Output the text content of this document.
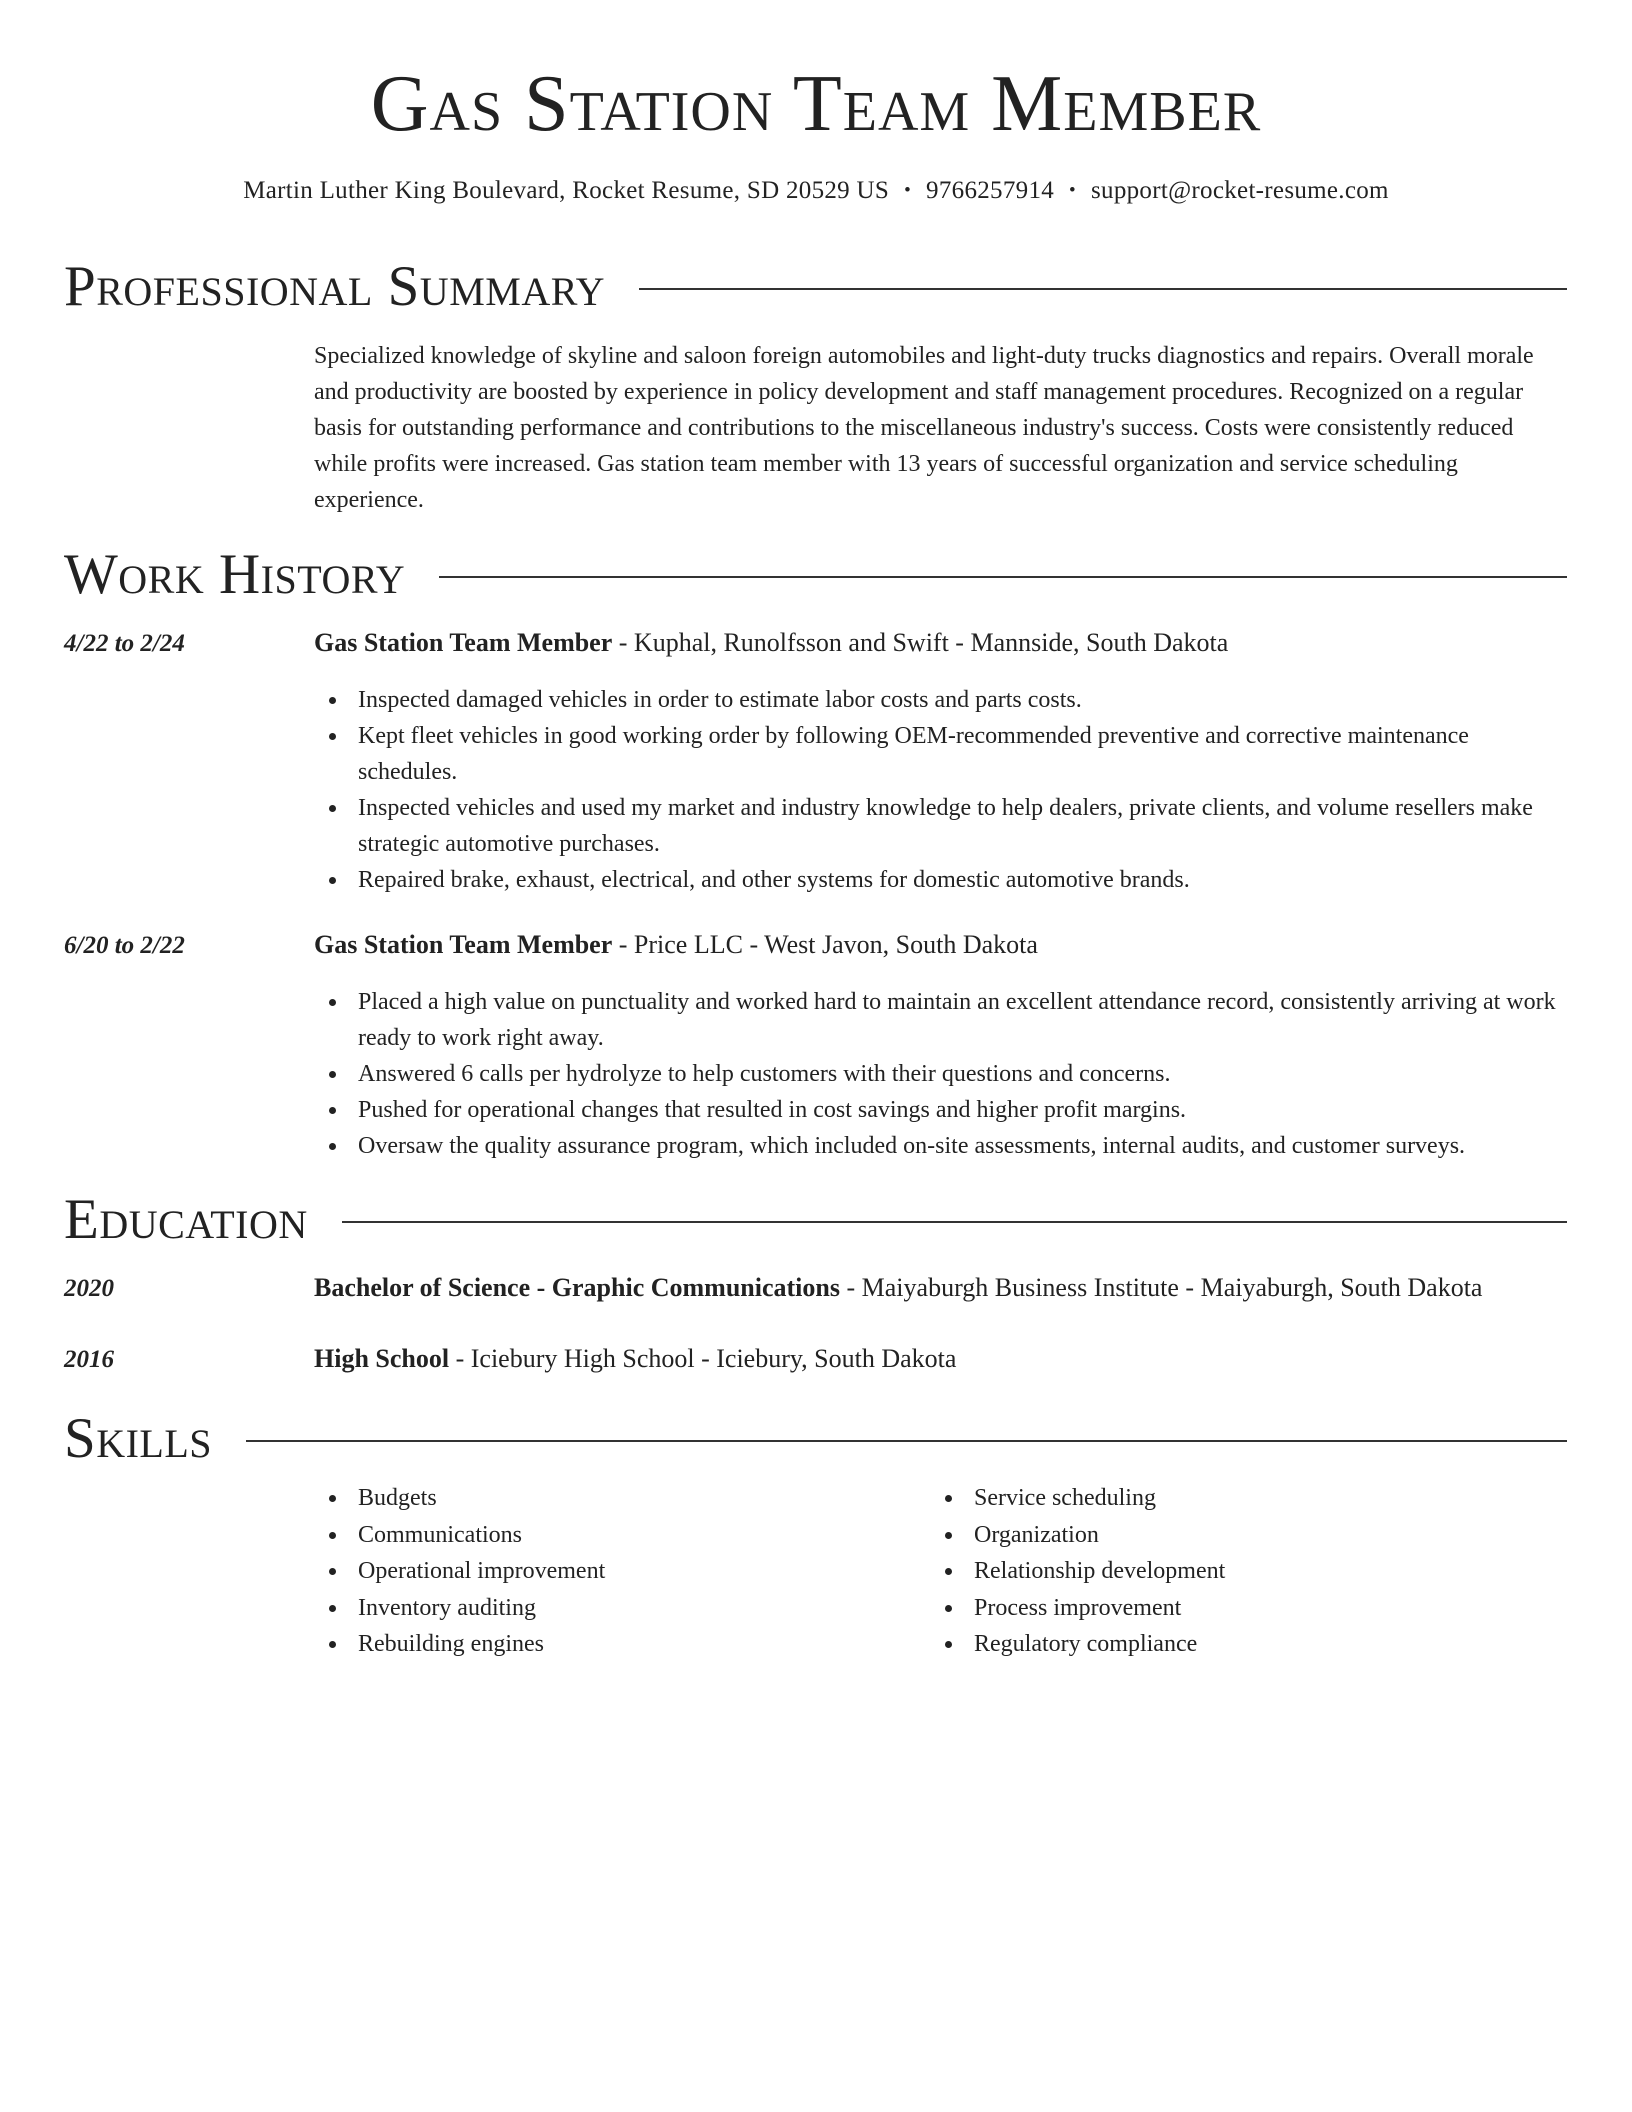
Gas Station Team Member
Martin Luther King Boulevard, Rocket Resume, SD 20529 US • 9766257914 • support@rocket-resume.com
Professional Summary
Specialized knowledge of skyline and saloon foreign automobiles and light-duty trucks diagnostics and repairs. Overall morale and productivity are boosted by experience in policy development and staff management procedures. Recognized on a regular basis for outstanding performance and contributions to the miscellaneous industry's success. Costs were consistently reduced while profits were increased. Gas station team member with 13 years of successful organization and service scheduling experience.
Work History
4/22 to 2/24	Gas Station Team Member - Kuphal, Runolfsson and Swift - Mannside, South Dakota
Inspected damaged vehicles in order to estimate labor costs and parts costs.
Kept fleet vehicles in good working order by following OEM-recommended preventive and corrective maintenance schedules.
Inspected vehicles and used my market and industry knowledge to help dealers, private clients, and volume resellers make strategic automotive purchases.
Repaired brake, exhaust, electrical, and other systems for domestic automotive brands.
6/20 to 2/22	Gas Station Team Member - Price LLC - West Javon, South Dakota
Placed a high value on punctuality and worked hard to maintain an excellent attendance record, consistently arriving at work ready to work right away.
Answered 6 calls per hydrolyze to help customers with their questions and concerns.
Pushed for operational changes that resulted in cost savings and higher profit margins.
Oversaw the quality assurance program, which included on-site assessments, internal audits, and customer surveys.
Education
2020	Bachelor of Science - Graphic Communications - Maiyaburgh Business Institute - Maiyaburgh, South Dakota
2016	High School - Iciebury High School - Iciebury, South Dakota
Skills
Budgets
Communications
Operational improvement
Inventory auditing
Rebuilding engines
Service scheduling
Organization
Relationship development
Process improvement
Regulatory compliance
